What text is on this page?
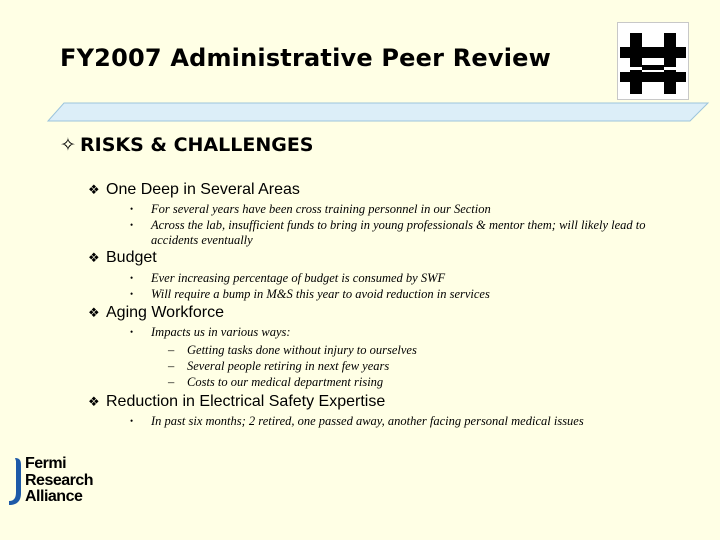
FY2007 Administrative Peer Review
✧ RISKS & CHALLENGES
❖ One Deep in Several Areas
•	For several years have been cross training personnel in our Section
•	Across the lab, insufficient funds to bring in young professionals & mentor them; will likely lead to accidents eventually
❖ Budget
•	Ever increasing percentage of budget is consumed by SWF
•	Will require a bump in M&S this year to avoid reduction in services
❖ Aging Workforce
•	Impacts us in various ways:
– Getting tasks done without injury to ourselves
– Several people retiring in next few years
– Costs to our medical department rising
❖ Reduction in Electrical Safety Expertise
•	In past six months; 2 retired, one passed away, another facing personal medical issues
Fermi
Research
Alliance
